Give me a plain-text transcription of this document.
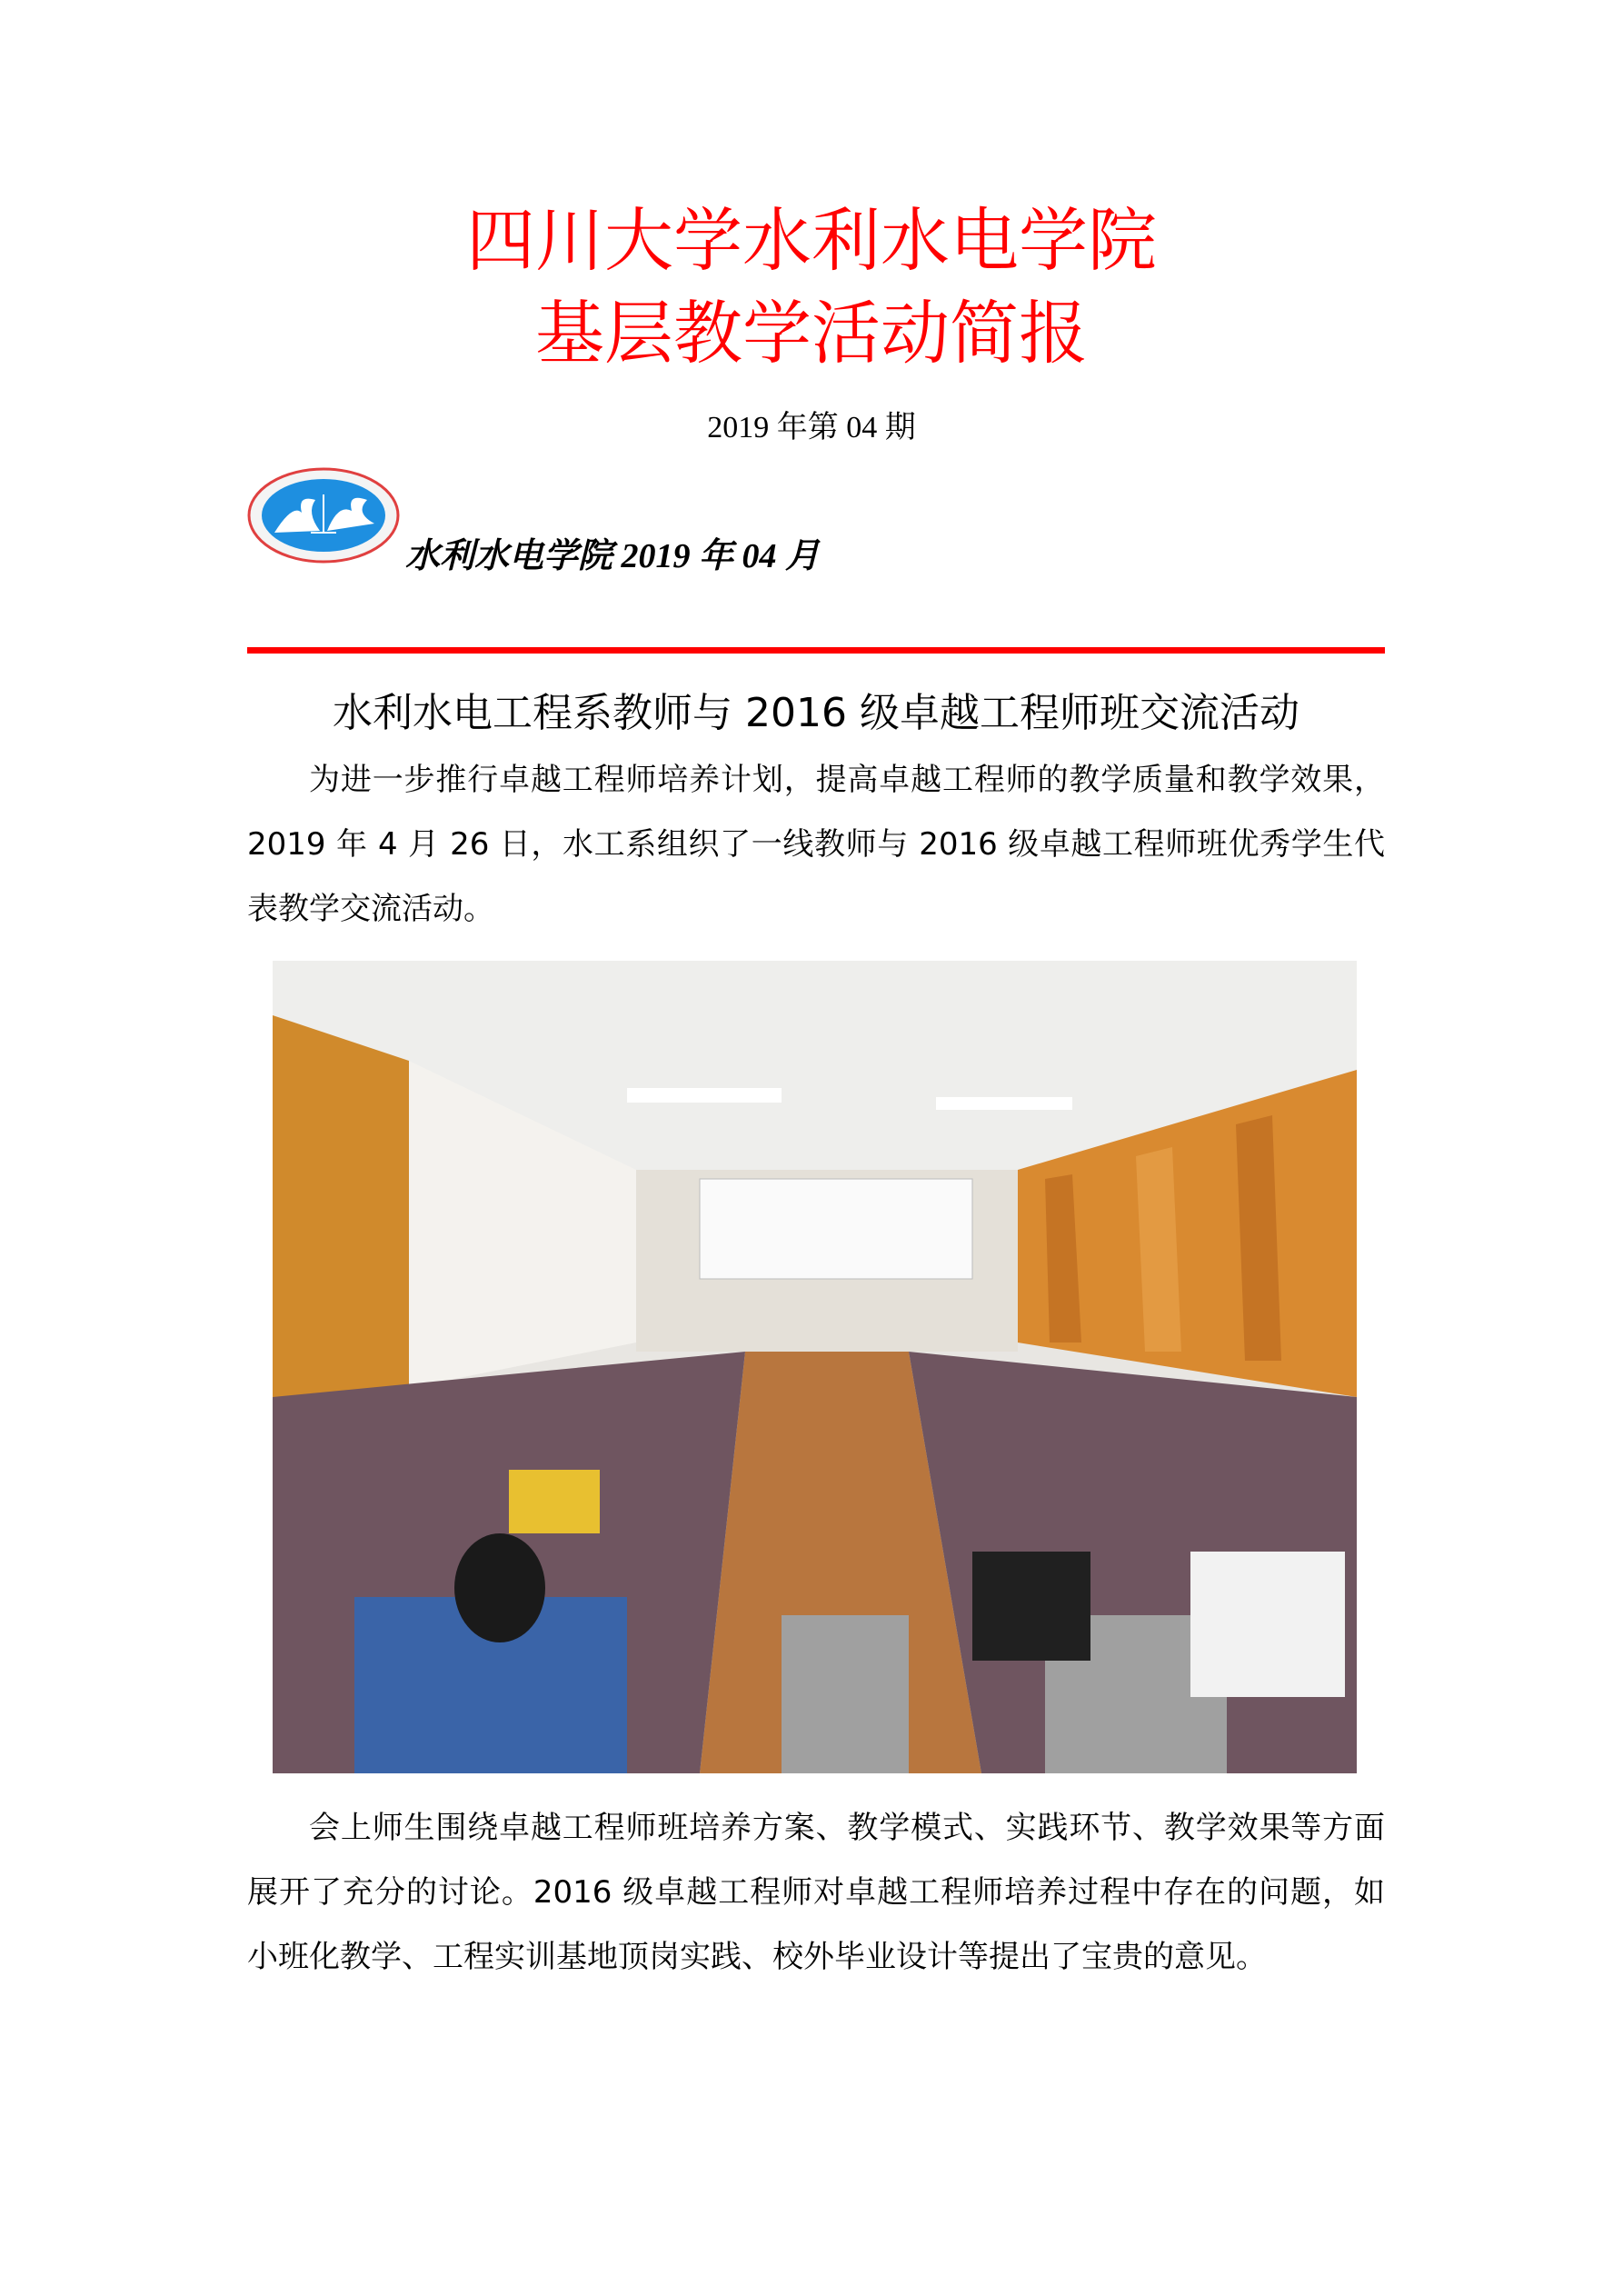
四川大学水利水电学院
基层教学活动简报
2019 年第 04 期
水利水电学院 2019 年 04 月
水利水电工程系教师与 2016 级卓越工程师班交流活动
为进一步推行卓越工程师培养计划，提高卓越工程师的教学质量和教学效果，2019 年 4 月 26 日，水工系组织了一线教师与 2016 级卓越工程师班优秀学生代表教学交流活动。
会上师生围绕卓越工程师班培养方案、教学模式、实践环节、教学效果等方面展开了充分的讨论。2016 级卓越工程师对卓越工程师培养过程中存在的问题，如小班化教学、工程实训基地顶岗实践、校外毕业设计等提出了宝贵的意见。
